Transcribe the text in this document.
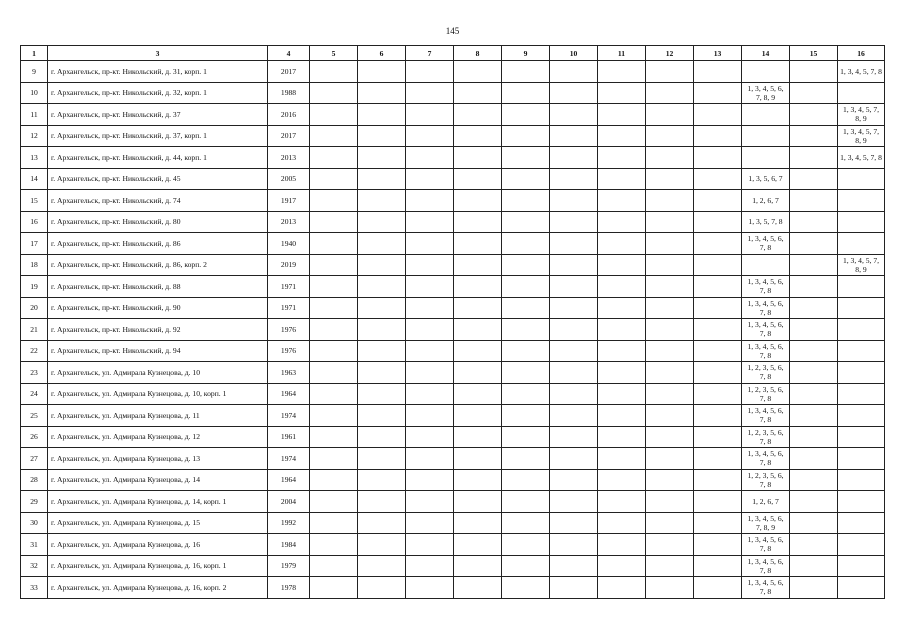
145
1	3	4	5	6	7	8	9	10	11	12	13	14	15	16
9	г. Архангельск, пр-кт. Никольский, д. 31, корп. 1	2017												1, 3, 4, 5, 7, 8
10	г. Архангельск, пр-кт. Никольский, д. 32, корп. 1	1988										1, 3, 4, 5, 6, 7, 8, 9		
11	г. Архангельск, пр-кт. Никольский, д. 37	2016												1, 3, 4, 5, 7, 8, 9
12	г. Архангельск, пр-кт. Никольский, д. 37, корп. 1	2017												1, 3, 4, 5, 7, 8, 9
13	г. Архангельск, пр-кт. Никольский, д. 44, корп. 1	2013												1, 3, 4, 5, 7, 8
14	г. Архангельск, пр-кт. Никольский, д. 45	2005										1, 3, 5, 6, 7		
15	г. Архангельск, пр-кт. Никольский, д. 74	1917										1, 2, 6, 7		
16	г. Архангельск, пр-кт. Никольский, д. 80	2013										1, 3, 5, 7, 8		
17	г. Архангельск, пр-кт. Никольский, д. 86	1940										1, 3, 4, 5, 6, 7, 8		
18	г. Архангельск, пр-кт. Никольский, д. 86, корп. 2	2019												1, 3, 4, 5, 7, 8, 9
19	г. Архангельск, пр-кт. Никольский, д. 88	1971										1, 3, 4, 5, 6, 7, 8		
20	г. Архангельск, пр-кт. Никольский, д. 90	1971										1, 3, 4, 5, 6, 7, 8		
21	г. Архангельск, пр-кт. Никольский, д. 92	1976										1, 3, 4, 5, 6, 7, 8		
22	г. Архангельск, пр-кт. Никольский, д. 94	1976										1, 3, 4, 5, 6, 7, 8		
23	г. Архангельск, ул. Адмирала Кузнецова, д. 10	1963										1, 2, 3, 5, 6, 7, 8		
24	г. Архангельск, ул. Адмирала Кузнецова, д. 10, корп. 1	1964										1, 2, 3, 5, 6, 7, 8		
25	г. Архангельск, ул. Адмирала Кузнецова, д. 11	1974										1, 3, 4, 5, 6, 7, 8		
26	г. Архангельск, ул. Адмирала Кузнецова, д. 12	1961										1, 2, 3, 5, 6, 7, 8		
27	г. Архангельск, ул. Адмирала Кузнецова, д. 13	1974										1, 3, 4, 5, 6, 7, 8		
28	г. Архангельск, ул. Адмирала Кузнецова, д. 14	1964										1, 2, 3, 5, 6, 7, 8		
29	г. Архангельск, ул. Адмирала Кузнецова, д. 14, корп. 1	2004										1, 2, 6, 7		
30	г. Архангельск, ул. Адмирала Кузнецова, д. 15	1992										1, 3, 4, 5, 6, 7, 8, 9		
31	г. Архангельск, ул. Адмирала Кузнецова, д. 16	1984										1, 3, 4, 5, 6, 7, 8		
32	г. Архангельск, ул. Адмирала Кузнецова, д. 16, корп. 1	1979										1, 3, 4, 5, 6, 7, 8		
33	г. Архангельск, ул. Адмирала Кузнецова, д. 16, корп. 2	1978										1, 3, 4, 5, 6, 7, 8		
